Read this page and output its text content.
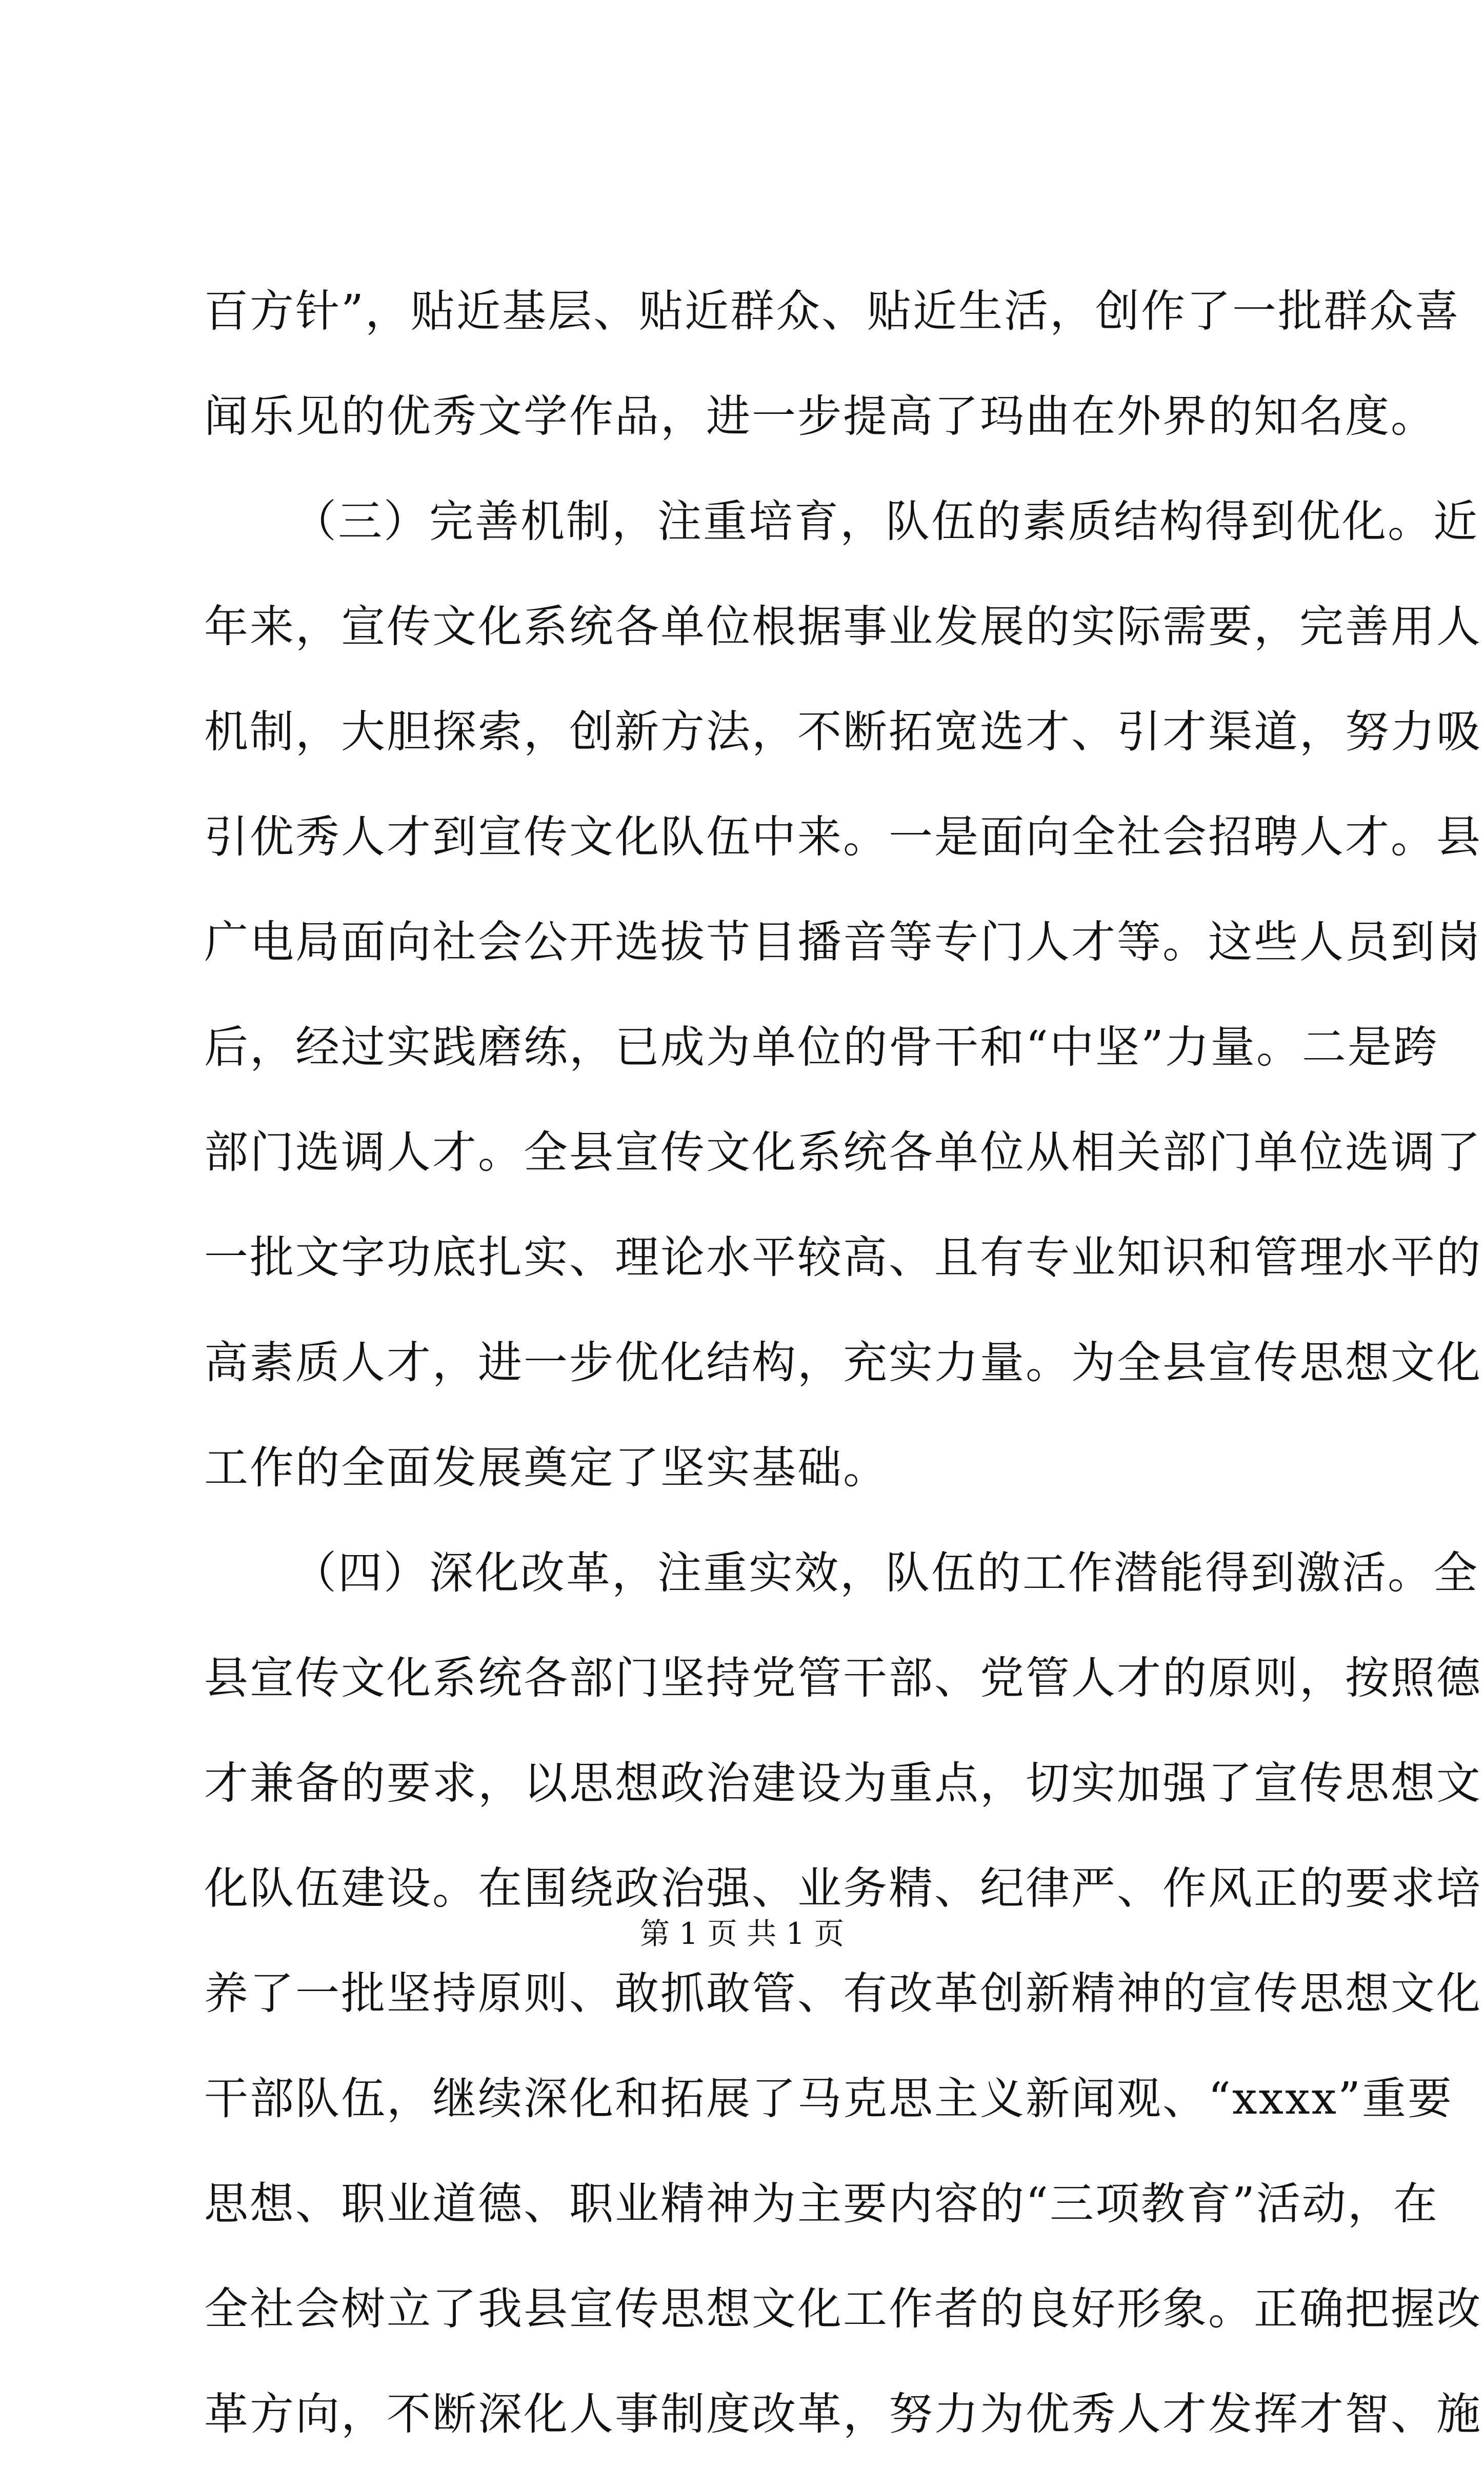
百方针”，贴近基层、贴近群众、贴近生活，创作了一批群众喜
闻乐见的优秀文学作品，进一步提高了玛曲在外界的知名度。
（三）完善机制，注重培育，队伍的素质结构得到优化。近
年来，宣传文化系统各单位根据事业发展的实际需要，完善用人
机制，大胆探索，创新方法，不断拓宽选才、引才渠道，努力吸
引优秀人才到宣传文化队伍中来。一是面向全社会招聘人才。县
广电局面向社会公开选拔节目播音等专门人才等。这些人员到岗
后，经过实践磨练，已成为单位的骨干和“中坚”力量。二是跨
部门选调人才。全县宣传文化系统各单位从相关部门单位选调了
一批文字功底扎实、理论水平较高、且有专业知识和管理水平的
高素质人才，进一步优化结构，充实力量。为全县宣传思想文化
工作的全面发展奠定了坚实基础。
（四）深化改革，注重实效，队伍的工作潜能得到激活。全
县宣传文化系统各部门坚持党管干部、党管人才的原则，按照德
才兼备的要求，以思想政治建设为重点，切实加强了宣传思想文
化队伍建设。在围绕政治强、业务精、纪律严、作风正的要求培
养了一批坚持原则、敢抓敢管、有改革创新精神的宣传思想文化
干部队伍，继续深化和拓展了马克思主义新闻观、“xxxx”重要
思想、职业道德、职业精神为主要内容的“三项教育”活动，在
全社会树立了我县宣传思想文化工作者的良好形象。正确把握改
革方向，不断深化人事制度改革，努力为优秀人才发挥才智、施
第 1 页 共 1 页
